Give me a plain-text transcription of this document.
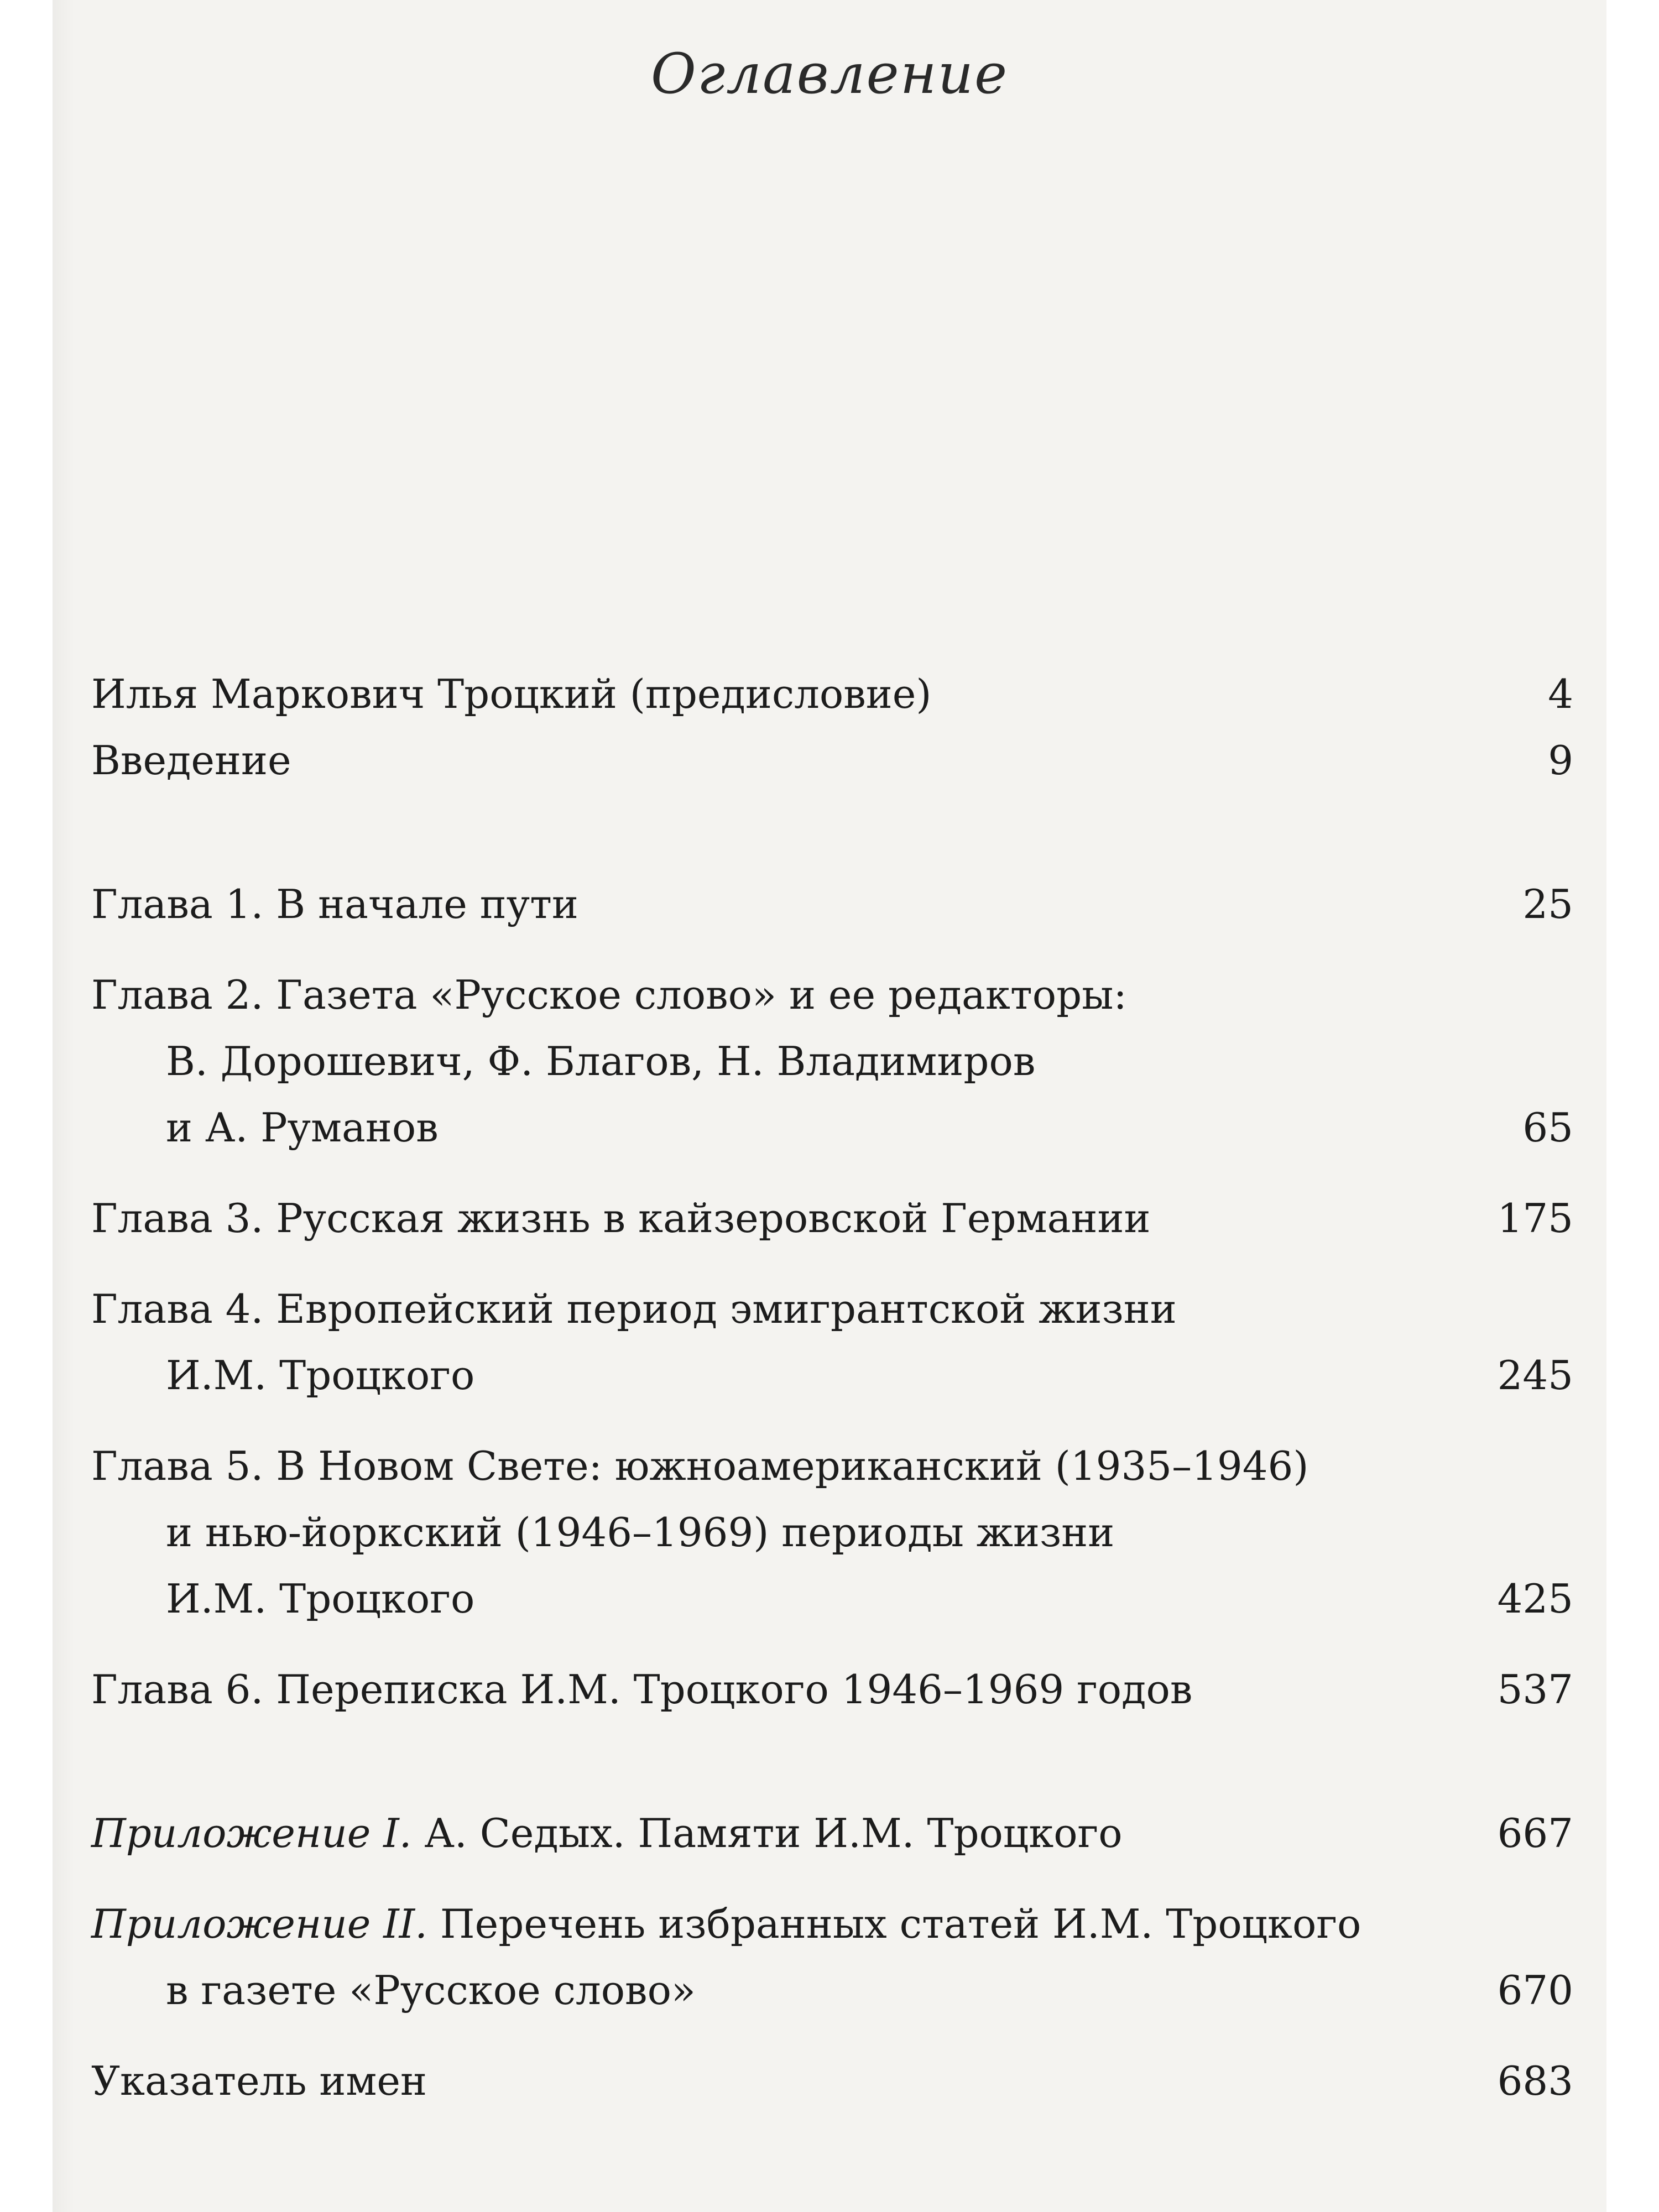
Оглавление
Илья Маркович Троцкий (предисловие)	4
Введение	9
Глава 1. В начале пути	25
Глава 2. Газета «Русское слово» и ее редакторы:
В. Дорошевич, Ф. Благов, Н. Владимиров
и А. Руманов	65
Глава 3. Русская жизнь в кайзеровской Германии	175
Глава 4. Европейский период эмигрантской жизни
И.М. Троцкого	245
Глава 5. В Новом Свете: южноамериканский (1935–1946)
и нью-йоркский (1946–1969) периоды жизни
И.М. Троцкого	425
Глава 6. Переписка И.М. Троцкого 1946–1969 годов	537
Приложение I. А. Седых. Памяти И.М. Троцкого	667
Приложение II. Перечень избранных статей И.М. Троцкого
в газете «Русское слово»	670
Указатель имен	683
